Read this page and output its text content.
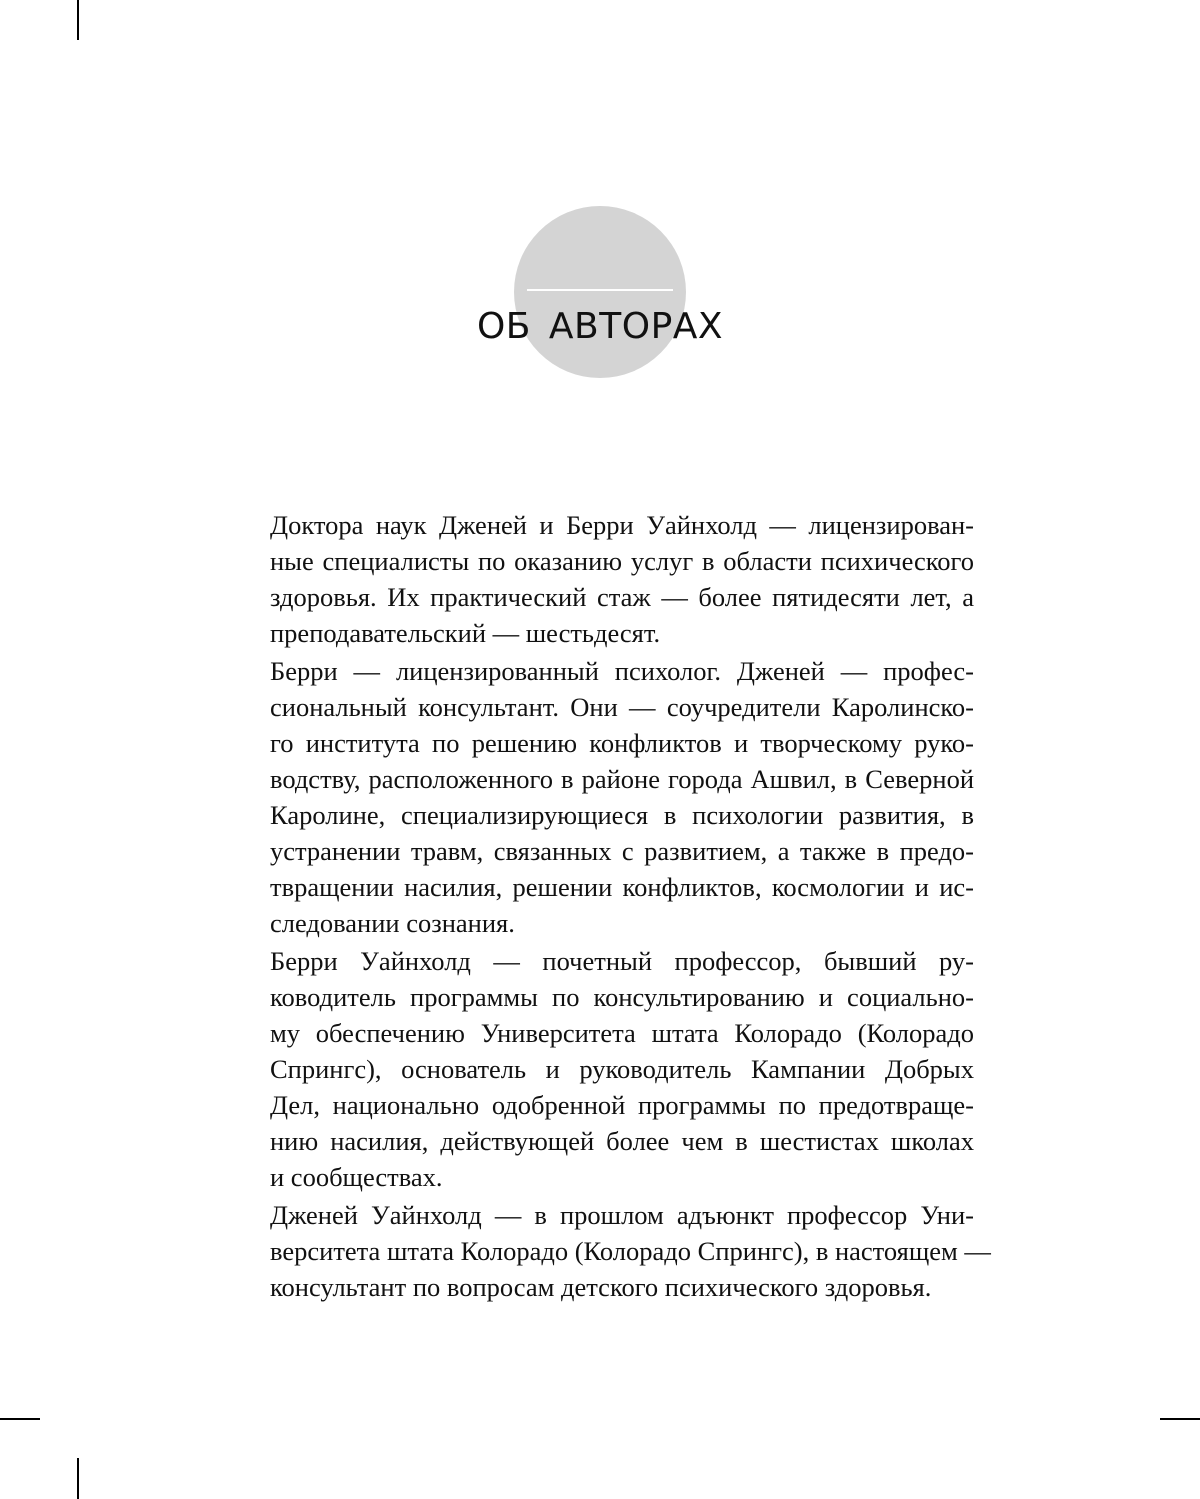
ОБ АВТОРАХ

Доктора наук Дженей и Берри Уайнхолд — лицензирован-
ные специалисты по оказанию услуг в области психического
здоровья. Их практический стаж — более пятидесяти лет, а
преподавательский — шестьдесят.

Берри — лицензированный психолог. Дженей — профес-
сиональный консультант. Они — соучредители Каролинско-
го института по решению конфликтов и творческому руко-
водству, расположенного в районе города Ашвил, в Северной
Каролине, специализирующиеся в психологии развития, в
устранении травм, связанных с развитием, а также в предо-
твращении насилия, решении конфликтов, космологии и ис-
следовании сознания.

Берри Уайнхолд — почетный профессор, бывший ру-
ководитель программы по консультированию и социально-
му обеспечению Университета штата Колорадо (Колорадо
Спрингс), основатель и руководитель Кампании Добрых
Дел, национально одобренной программы по предотвраще-
нию насилия, действующей более чем в шестистах школах
и сообществах.

Дженей Уайнхолд — в прошлом адъюнкт профессор Уни-
верситета штата Колорадо (Колорадо Спрингс), в настоящем —
консультант по вопросам детского психического здоровья.
